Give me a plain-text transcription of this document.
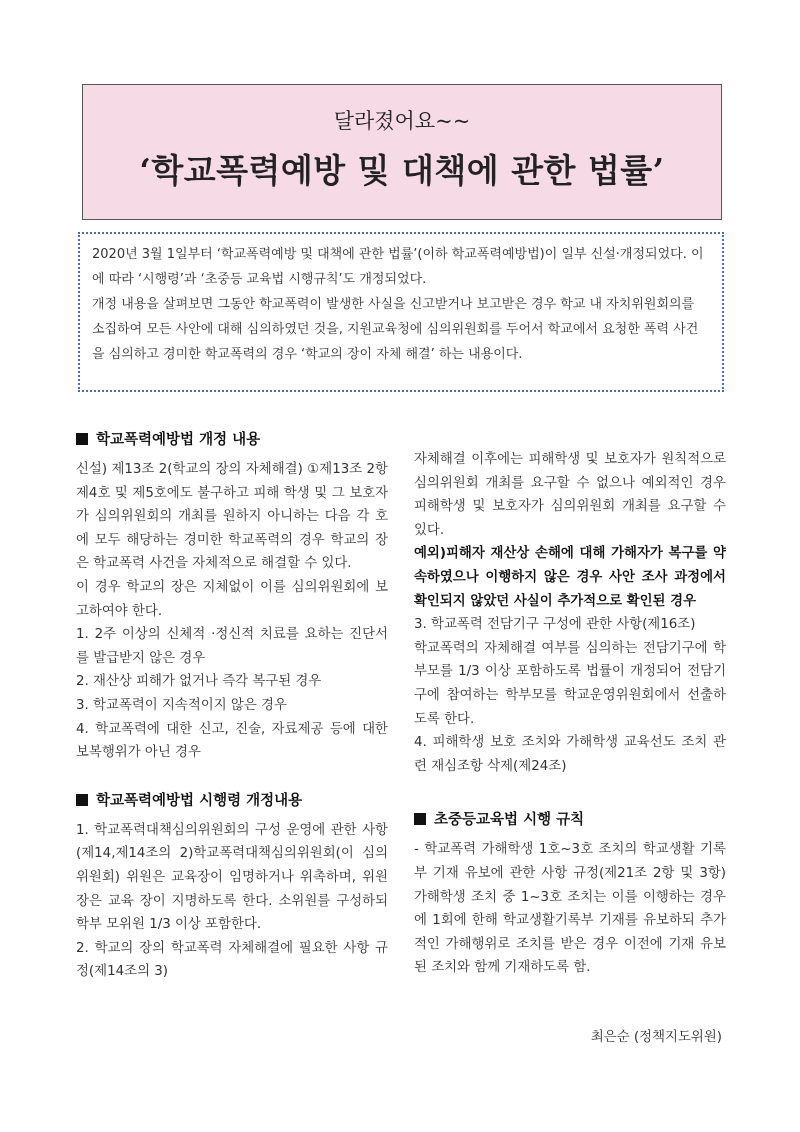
달라졌어요~~
‘학교폭력예방 및 대책에 관한 법률’

2020년 3월 1일부터 ‘학교폭력예방 및 대책에 관한 법률’(이하 학교폭력예방법)이 일부 신설·개정되었다. 이에 따라 ‘시행령’과 ‘초중등 교육법 시행규칙’도 개정되었다.

개정 내용을 살펴보면 그동안 학교폭력이 발생한 사실을 신고받거나 보고받은 경우 학교 내 자치위원회의를 소집하여 모든 사안에 대해 심의하였던 것을, 지원교육청에 심의위원회를 두어서 학교에서 요청한 폭력 사건을 심의하고 경미한 학교폭력의 경우 ‘학교의 장이 자체 해결’ 하는 내용이다.

학교폭력예방법 개정 내용

신설) 제13조 2(학교의 장의 자체해결) ①제13조 2항 제4호 및 제5호에도 불구하고 피해 학생 및 그 보호자가 심의위원회의 개최를 원하지 아니하는 다음 각 호에 모두 해당하는 경미한 학교폭력의 경우 학교의 장은 학교폭력 사건을 자체적으로 해결할 수 있다.

이 경우 학교의 장은 지체없이 이를 심의위원회에 보고하여야 한다.

1. 2주 이상의 신체적 ·정신적 치료를 요하는 진단서를 발급받지 않은 경우

2. 재산상 피해가 없거나 즉각 복구된 경우

3. 학교폭력이 지속적이지 않은 경우

4. 학교폭력에 대한 신고, 진술, 자료제공 등에 대한 보복행위가 아닌 경우

학교폭력예방법 시행령 개정내용

1. 학교폭력대책심의위원회의 구성 운영에 관한 사항(제14,제14조의 2)학교폭력대책심의위원회(이 심의위원회) 위원은 교육장이 임명하거나 위촉하며, 위원장은 교육 장이 지명하도록 한다. 소위원를 구성하되 학부 모위원 1/3 이상 포함한다.

2. 학교의 장의 학교폭력 자체해결에 필요한 사항 규정(제14조의 3)

자체해결 이후에는 피해학생 및 보호자가 원칙적으로 심의위원회 개최를 요구할 수 없으나 예외적인 경우 피해학생 및 보호자가 심의위원회 개최를 요구할 수 있다.

예외)피해자 재산상 손해에 대해 가해자가 복구를 약속하였으나 이행하지 않은 경우 사안 조사 과정에서 확인되지 않았던 사실이 추가적으로 확인된 경우

3. 학교폭력 전담기구 구성에 관한 사항(제16조)

학교폭력의 자체해결 여부를 심의하는 전담기구에 학부모를 1/3 이상 포함하도록 법률이 개정되어 전담기구에 참여하는 학부모를 학교운영위원회에서 선출하도록 한다.

4. 피해학생 보호 조치와 가해학생 교육선도 조치 관련 재심조항 삭제(제24조)

초중등교육법 시행 규칙

- 학교폭력 가해학생 1호~3호 조치의 학교생활 기록부 기재 유보에 관한 사항 규정(제21조 2항 및 3항) 가해학생 조치 중 1~3호 조치는 이를 이행하는 경우에 1회에 한해 학교생활기록부 기재를 유보하되 추가적인 가해행위로 조치를 받은 경우 이전에 기재 유보된 조치와 함께 기재하도록 함.

최은순 (정책지도위원)
